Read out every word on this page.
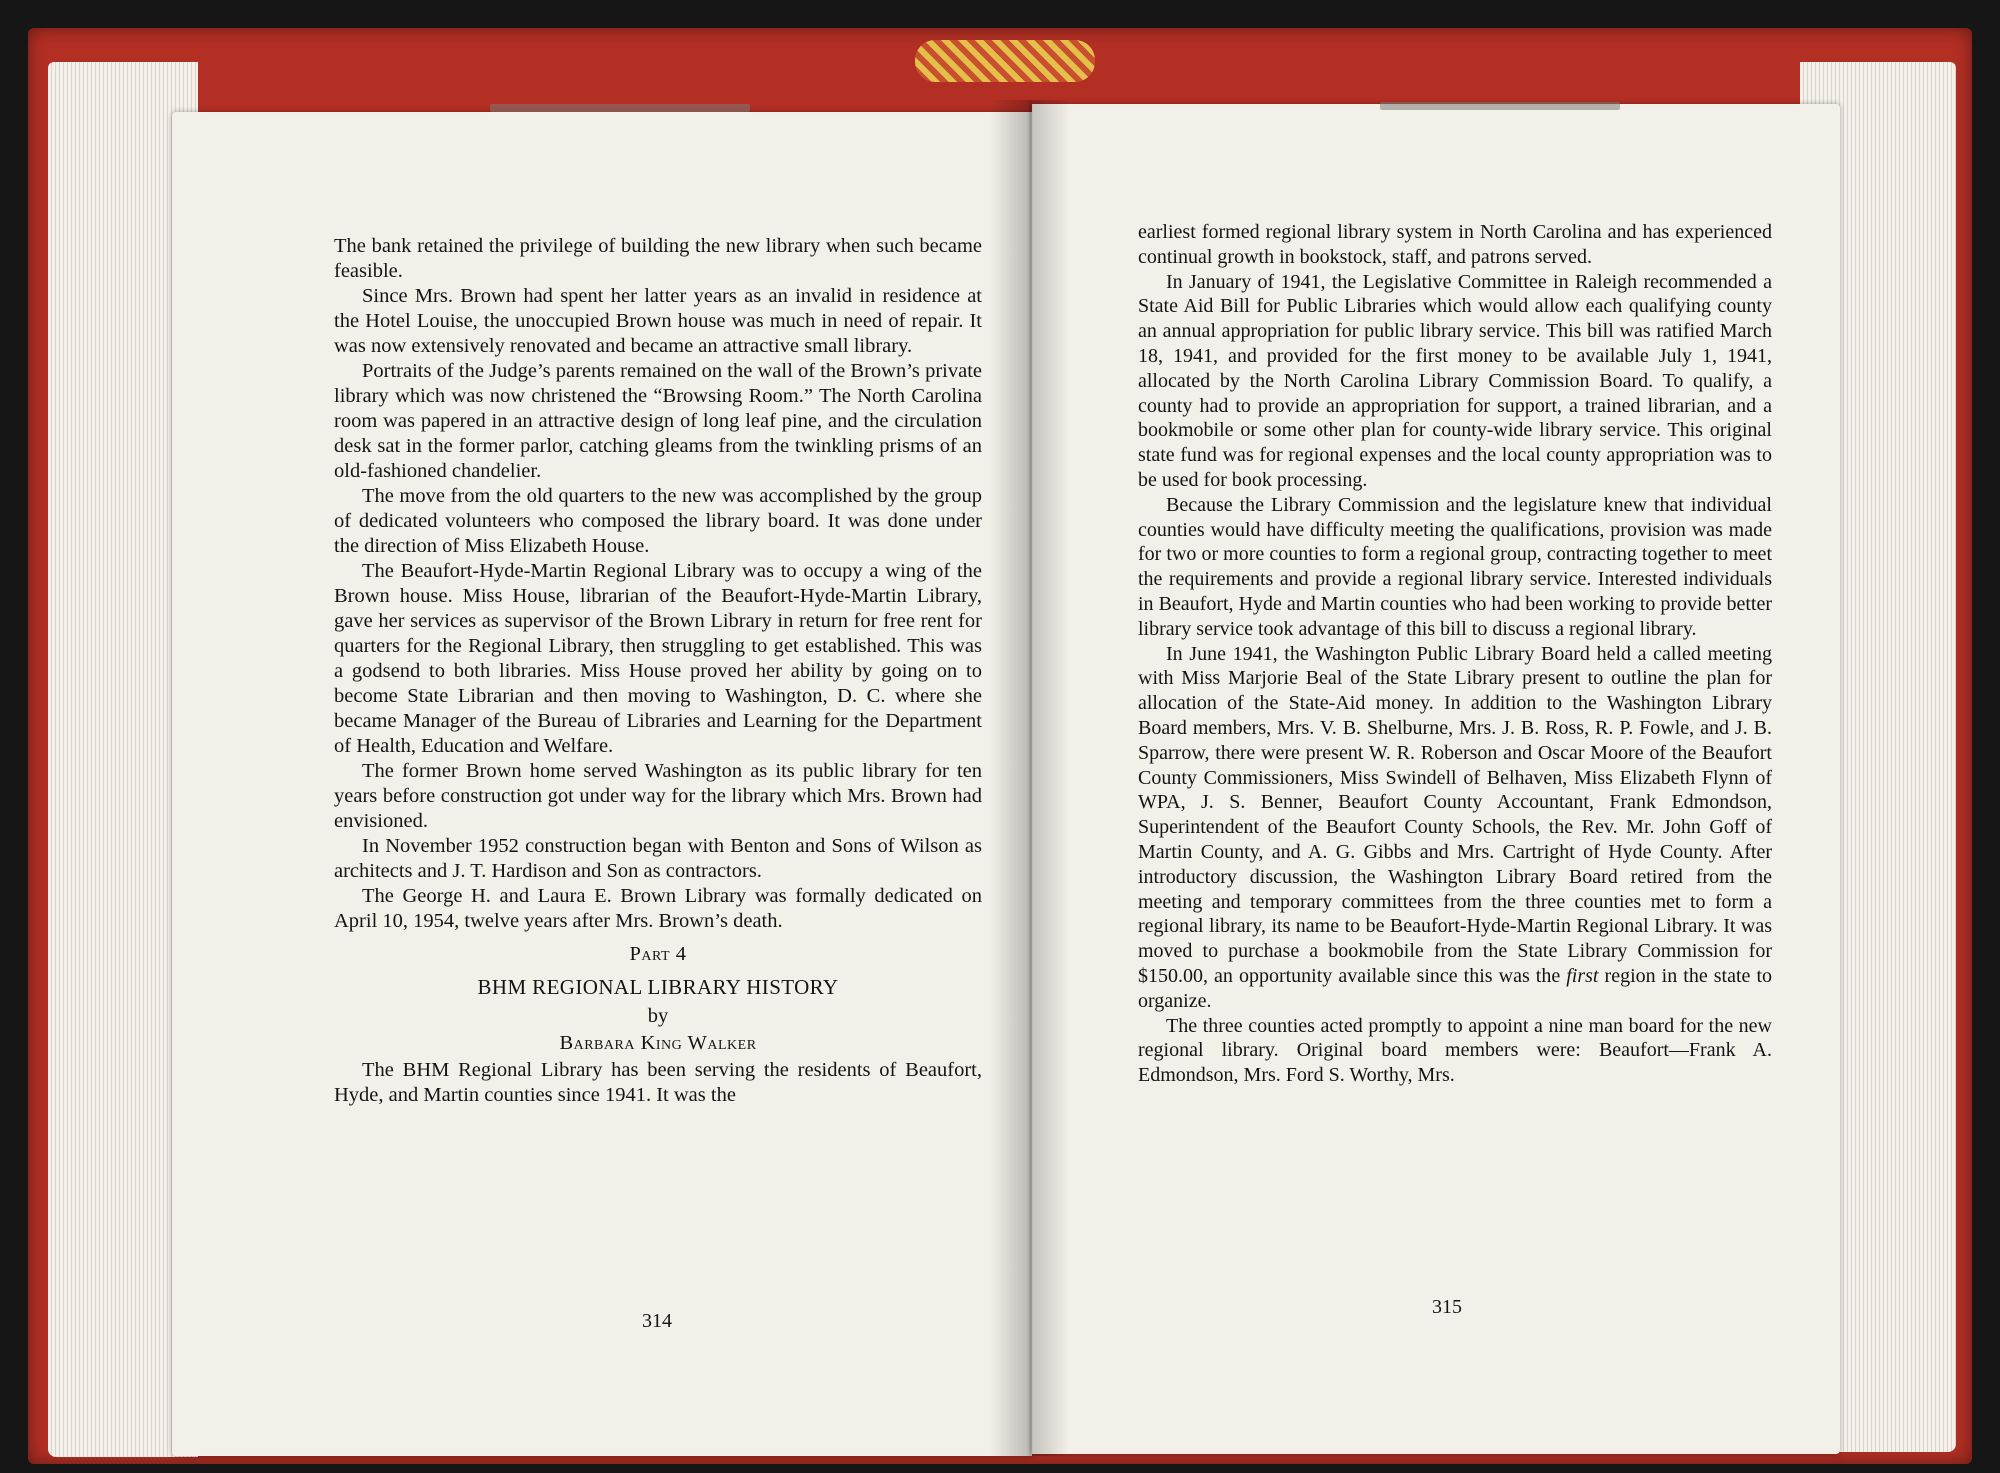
The bank retained the privilege of building the new library when such became feasible.

Since Mrs. Brown had spent her latter years as an invalid in residence at the Hotel Louise, the unoccupied Brown house was much in need of repair. It was now extensively renovated and became an attractive small library.

Portraits of the Judge’s parents remained on the wall of the Brown’s private library which was now christened the “Browsing Room.” The North Carolina room was papered in an attractive design of long leaf pine, and the circulation desk sat in the former parlor, catching gleams from the twinkling prisms of an old-fashioned chandelier.

The move from the old quarters to the new was accomplished by the group of dedicated volunteers who composed the library board. It was done under the direction of Miss Elizabeth House.

The Beaufort-Hyde-Martin Regional Library was to occupy a wing of the Brown house. Miss House, librarian of the Beaufort-Hyde-Martin Library, gave her services as supervisor of the Brown Library in return for free rent for quarters for the Regional Library, then struggling to get established. This was a godsend to both libraries. Miss House proved her ability by going on to become State Librarian and then moving to Washington, D. C. where she became Manager of the Bureau of Libraries and Learning for the Department of Health, Education and Welfare.

The former Brown home served Washington as its public library for ten years before construction got under way for the library which Mrs. Brown had envisioned.

In November 1952 construction began with Benton and Sons of Wilson as architects and J. T. Hardison and Son as contractors.

The George H. and Laura E. Brown Library was formally dedicated on April 10, 1954, twelve years after Mrs. Brown’s death.

Part 4

BHM REGIONAL LIBRARY HISTORY

by

Barbara King Walker

The BHM Regional Library has been serving the residents of Beaufort, Hyde, and Martin counties since 1941. It was the

314

earliest formed regional library system in North Carolina and has experienced continual growth in bookstock, staff, and patrons served.

In January of 1941, the Legislative Committee in Raleigh recommended a State Aid Bill for Public Libraries which would allow each qualifying county an annual appropriation for public library service. This bill was ratified March 18, 1941, and provided for the first money to be available July 1, 1941, allocated by the North Carolina Library Commission Board. To qualify, a county had to provide an appropriation for support, a trained librarian, and a bookmobile or some other plan for county-wide library service. This original state fund was for regional expenses and the local county appropriation was to be used for book processing.

Because the Library Commission and the legislature knew that individual counties would have difficulty meeting the qualifications, provision was made for two or more counties to form a regional group, contracting together to meet the requirements and provide a regional library service. Interested individuals in Beaufort, Hyde and Martin counties who had been working to provide better library service took advantage of this bill to discuss a regional library.

In June 1941, the Washington Public Library Board held a called meeting with Miss Marjorie Beal of the State Library present to outline the plan for allocation of the State-Aid money. In addition to the Washington Library Board members, Mrs. V. B. Shelburne, Mrs. J. B. Ross, R. P. Fowle, and J. B. Sparrow, there were present W. R. Roberson and Oscar Moore of the Beaufort County Commissioners, Miss Swindell of Belhaven, Miss Elizabeth Flynn of WPA, J. S. Benner, Beaufort County Accountant, Frank Edmondson, Superintendent of the Beaufort County Schools, the Rev. Mr. John Goff of Martin County, and A. G. Gibbs and Mrs. Cartright of Hyde County. After introductory discussion, the Washington Library Board retired from the meeting and temporary committees from the three counties met to form a regional library, its name to be Beaufort-Hyde-Martin Regional Library. It was moved to purchase a bookmobile from the State Library Commission for $150.00, an opportunity available since this was the first region in the state to organize.

The three counties acted promptly to appoint a nine man board for the new regional library. Original board members were: Beaufort—Frank A. Edmondson, Mrs. Ford S. Worthy, Mrs.

315
